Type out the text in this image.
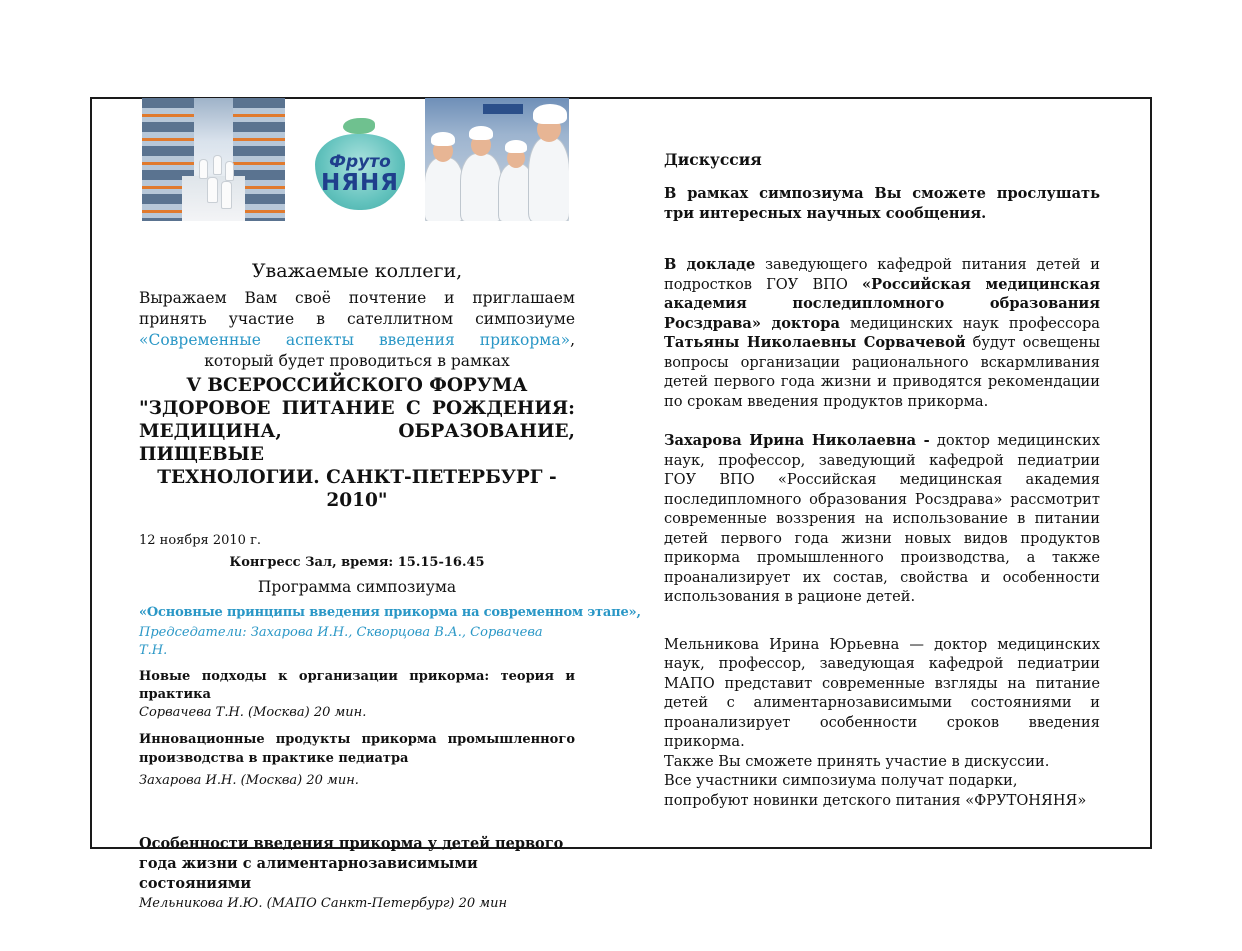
Фрутo
НЯНЯ

Уважаемые коллеги,

Выражаем Вам своё почтение и приглашаем принять участие в сателлитном симпозиуме «Современные аспекты введения прикорма», который будет проводиться в рамках

V ВСЕРОССИЙСКОГО ФОРУМА

"ЗДОРОВОЕ ПИТАНИЕ С РОЖДЕНИЯ: МЕДИЦИНА, ОБРАЗОВАНИЕ, ПИЩЕВЫЕ

ТЕХНОЛОГИИ. САНКТ-ПЕТЕРБУРГ - 2010"

12 ноября 2010 г.

Конгресс Зал, время: 15.15-16.45

Программа симпозиума

«Основные принципы введения прикорма на современном этапе»,

Председатели: Захарова И.Н., Скворцова В.А., Сорвачева Т.Н.

Новые подходы к организации прикорма: теория и практика

Сорвачева Т.Н. (Москва) 20 мин.

Инновационные продукты прикорма промышленного производства в практике педиатра

Захарова И.Н. (Москва) 20 мин.

Особенности введения прикорма у детей первого года жизни с алиментарнозависимыми состояниями

Мельникова И.Ю. (МАПО Санкт-Петербург) 20 мин

Дискуссия

В рамках симпозиума Вы сможете прослушать три интересных научных сообщения.

В докладе заведующего кафедрой питания детей и подростков ГОУ ВПО «Российская медицинская академия последипломного образования Росздрава» доктора медицинских наук профессора Татьяны Николаевны Сорвачевой будут освещены вопросы организации рационального вскармливания детей первого года жизни и приводятся рекомендации по срокам введения продуктов прикорма.

Захарова Ирина Николаевна - доктор медицинских наук, профессор, заведующий кафедрой педиатрии ГОУ ВПО «Российская медицинская академия последипломного образования Росздрава» рассмотрит современные воззрения на использование в питании детей первого года жизни новых видов продуктов прикорма промышленного производства, а также проанализирует их состав, свойства и особенности использования в рационе детей.

Мельникова Ирина Юрьевна — доктор медицинских наук, профессор, заведующая кафедрой педиатрии МАПО представит современные взгляды на питание детей с алиментарнозависимыми состояниями и проанализирует особенности сроков введения прикорма.

Также Вы сможете принять участие в дискуссии.

Все участники симпозиума получат подарки, попробуют новинки детского питания «ФРУТОНЯНЯ»
